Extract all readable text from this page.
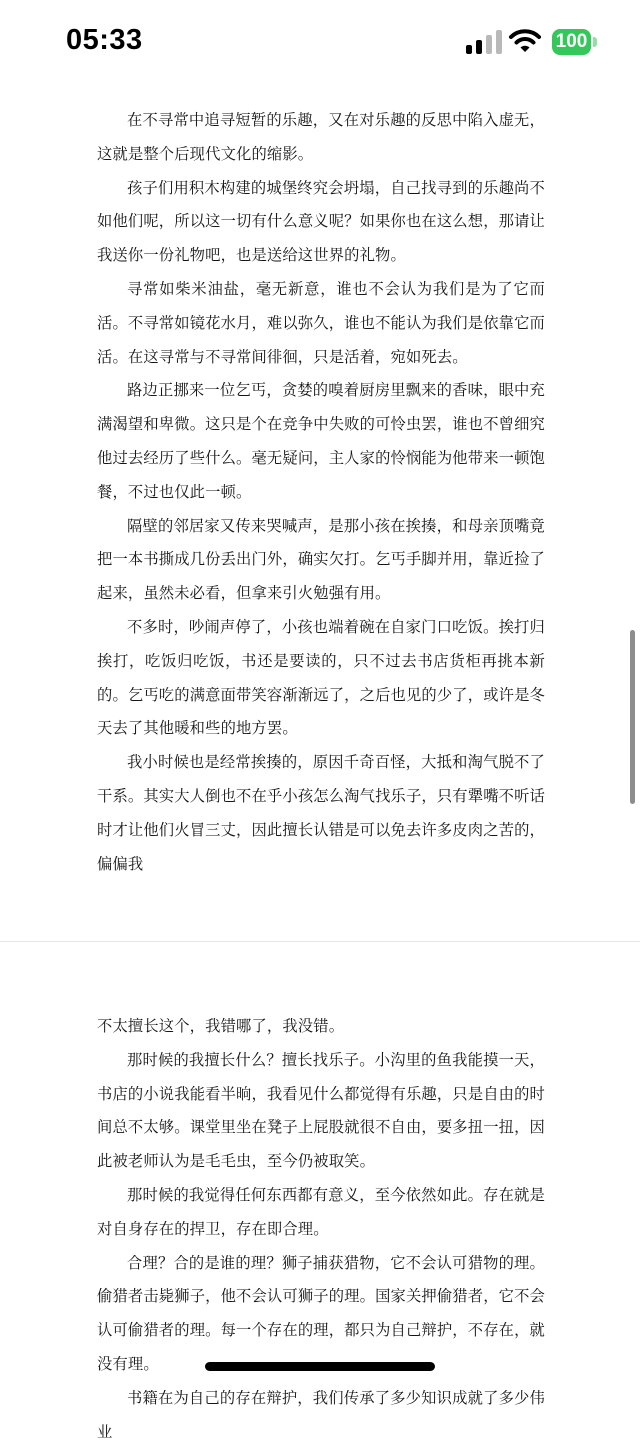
05:33	100

在不寻常中追寻短暂的乐趣，又在对乐趣的反思中陷入虚无，这就是整个后现代文化的缩影。

孩子们用积木构建的城堡终究会坍塌，自己找寻到的乐趣尚不如他们呢，所以这一切有什么意义呢？如果你也在这么想，那请让我送你一份礼物吧，也是送给这世界的礼物。

寻常如柴米油盐，毫无新意，谁也不会认为我们是为了它而活。不寻常如镜花水月，难以弥久，谁也不能认为我们是依靠它而活。在这寻常与不寻常间徘徊，只是活着，宛如死去。

路边正挪来一位乞丐，贪婪的嗅着厨房里飘来的香味，眼中充满渴望和卑微。这只是个在竞争中失败的可怜虫罢，谁也不曾细究他过去经历了些什么。毫无疑问，主人家的怜悯能为他带来一顿饱餐，不过也仅此一顿。

隔壁的邻居家又传来哭喊声，是那小孩在挨揍，和母亲顶嘴竟把一本书撕成几份丢出门外，确实欠打。乞丐手脚并用，靠近捡了起来，虽然未必看，但拿来引火勉强有用。

不多时，吵闹声停了，小孩也端着碗在自家门口吃饭。挨打归挨打，吃饭归吃饭，书还是要读的，只不过去书店货柜再挑本新的。乞丐吃的满意面带笑容渐渐远了，之后也见的少了，或许是冬天去了其他暖和些的地方罢。

我小时候也是经常挨揍的，原因千奇百怪，大抵和淘气脱不了干系。其实大人倒也不在乎小孩怎么淘气找乐子，只有犟嘴不听话时才让他们火冒三丈，因此擅长认错是可以免去许多皮肉之苦的，偏偏我

不太擅长这个，我错哪了，我没错。

那时候的我擅长什么？擅长找乐子。小沟里的鱼我能摸一天，书店的小说我能看半晌，我看见什么都觉得有乐趣，只是自由的时间总不太够。课堂里坐在凳子上屁股就很不自由，要多扭一扭，因此被老师认为是毛毛虫，至今仍被取笑。

那时候的我觉得任何东西都有意义，至今依然如此。存在就是对自身存在的捍卫，存在即合理。

合理？合的是谁的理？狮子捕获猎物，它不会认可猎物的理。偷猎者击毙狮子，他不会认可狮子的理。国家关押偷猎者，它不会认可偷猎者的理。每一个存在的理，都只为自己辩护，不存在，就没有理。

书籍在为自己的存在辩护，我们传承了多少知识成就了多少伟业
